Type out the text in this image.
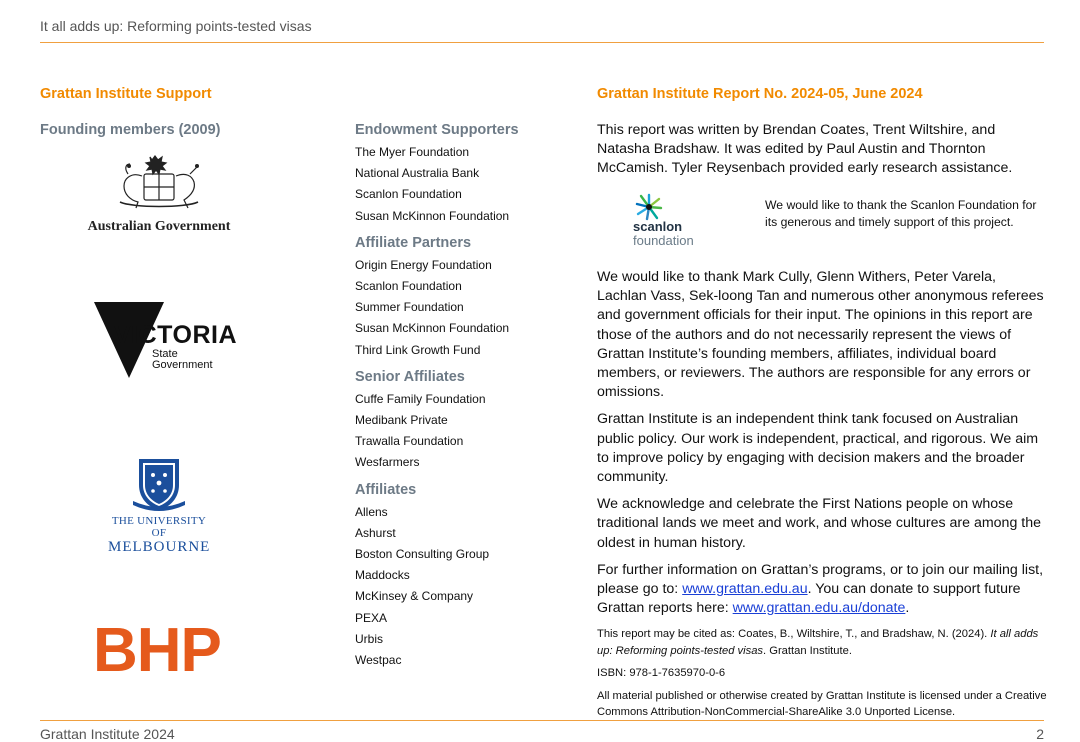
It all adds up: Reforming points-tested visas
Grattan Institute Support
Founding members (2009)
Australian Government
VICTORIA
State
Government
THE UNIVERSITY OF
MELBOURNE
BHP
Endowment Supporters
The Myer Foundation
National Australia Bank
Scanlon Foundation
Susan McKinnon Foundation
Affiliate Partners
Origin Energy Foundation
Scanlon Foundation
Summer Foundation
Susan McKinnon Foundation
Third Link Growth Fund
Senior Affiliates
Cuffe Family Foundation
Medibank Private
Trawalla Foundation
Wesfarmers
Affiliates
Allens
Ashurst
Boston Consulting Group
Maddocks
McKinsey & Company
PEXA
Urbis
Westpac
Grattan Institute Report No. 2024-05, June 2024

This report was written by Brendan Coates, Trent Wiltshire, and Natasha Bradshaw. It was edited by Paul Austin and Thornton McCamish. Tyler Reysenbach provided early research assistance.

scanlon
foundation
We would like to thank the Scanlon Foundation for its generous and timely support of this project.

We would like to thank Mark Cully, Glenn Withers, Peter Varela, Lachlan Vass, Sek-loong Tan and numerous other anonymous referees and government officials for their input. The opinions in this report are those of the authors and do not necessarily represent the views of Grattan Institute’s founding members, affiliates, individual board members, or reviewers. The authors are responsible for any errors or omissions.

Grattan Institute is an independent think tank focused on Australian public policy. Our work is independent, practical, and rigorous. We aim to improve policy by engaging with decision makers and the broader community.

We acknowledge and celebrate the First Nations people on whose traditional lands we meet and work, and whose cultures are among the oldest in human history.

For further information on Grattan’s programs, or to join our mailing list, please go to: www.grattan.edu.au. You can donate to support future Grattan reports here: www.grattan.edu.au/donate.

This report may be cited as: Coates, B., Wiltshire, T., and Bradshaw, N. (2024). It all adds up: Reforming points-tested visas. Grattan Institute.

ISBN: 978-1-7635970-0-6

All material published or otherwise created by Grattan Institute is licensed under a Creative Commons Attribution-NonCommercial-ShareAlike 3.0 Unported License.

Grattan Institute 2024	2
